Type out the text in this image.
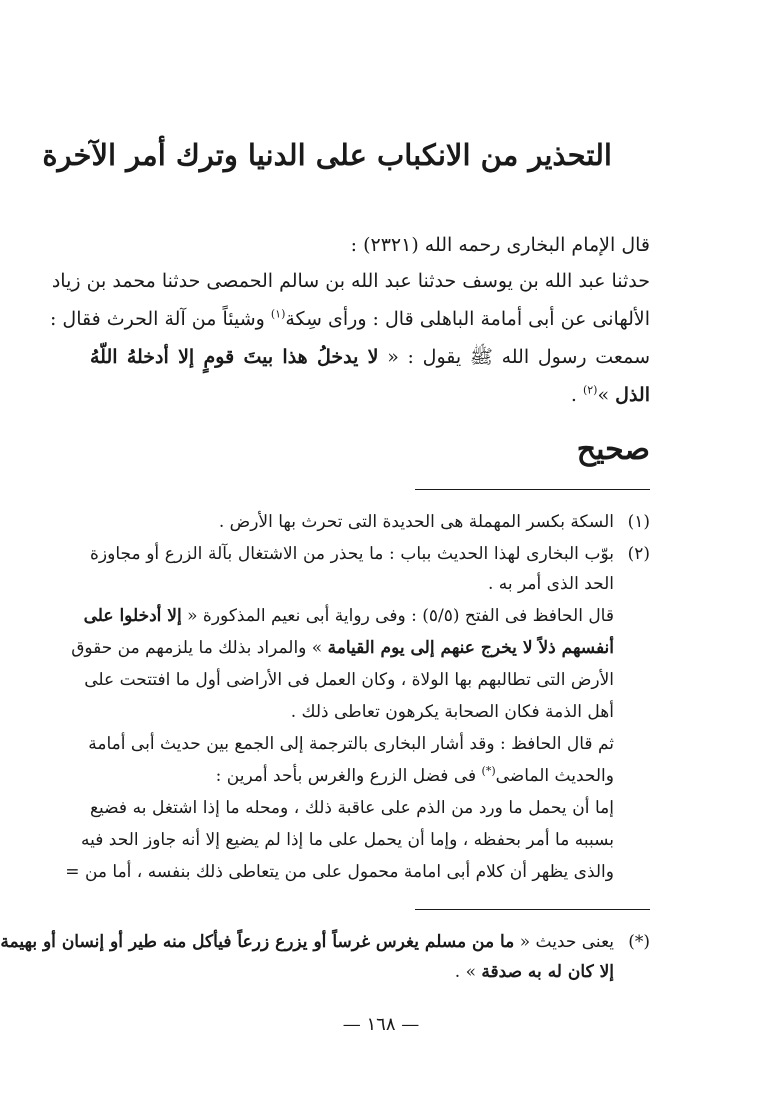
التحذير من الانكباب على الدنيا وترك أمر الآخرة
قال الإمام البخارى رحمه الله (٢٣٢١) :
حدثنا عبد الله بن يوسف حدثنا عبد الله بن سالم الحمصى حدثنا محمد بن زياد
الألهانى عن أبى أمامة الباهلى قال : ورأى سِكة$^{(١)}$ وشيئاً من آلة الحرث فقال :
سمعت رسول الله ﷺ يقول : « لا يدخلُ هذا بيتَ قومٍ إلا أدخلهُ اللّهُ
الذل »$^{(٢)}$ .
صحيح
(١)
السكة بكسر المهملة هى الحديدة التى تحرث بها الأرض .
(٢)
بوّب البخارى لهذا الحديث بباب : ما يحذر من الاشتغال بآلة الزرع أو مجاوزة
الحد الذى أمر به .
قال الحافظ فى الفتح (٥/٥) : وفى رواية أبى نعيم المذكورة « إلا أدخلوا على
أنفسهم ذلاً لا يخرج عنهم إلى يوم القيامة » والمراد بذلك ما يلزمهم من حقوق
الأرض التى تطالبهم بها الولاة ، وكان العمل فى الأراضى أول ما افتتحت على
أهل الذمة فكان الصحابة يكرهون تعاطى ذلك .
ثم قال الحافظ : وقد أشار البخارى بالترجمة إلى الجمع بين حديث أبى أمامة
والحديث الماضى(*) فى فضل الزرع والغرس بأحد أمرين :
إما أن يحمل ما ورد من الذم على عاقبة ذلك ، ومحله ما إذا اشتغل به فضيع
بسببه ما أمر بحفظه ، وإما أن يحمل على ما إذا لم يضيع إلا أنه جاوز الحد فيه
والذى يظهر أن كلام أبى امامة محمول على من يتعاطى ذلك بنفسه ، أما من =
(*)
يعنى حديث « ما من مسلم يغرس غرساً أو يزرع زرعاً فيأكل منه طير أو إنسان أو بهيمة
إلا كان له به صدقة » .
— ١٦٨ —
